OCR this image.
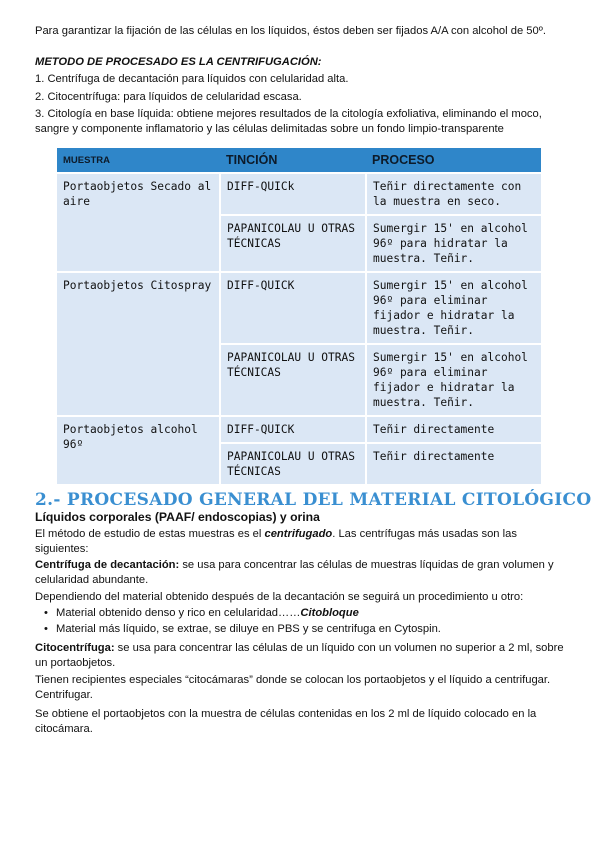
Para garantizar la fijación de las células en los líquidos, éstos deben ser fijados A/A con alcohol de 50º.

METODO DE PROCESADO ES LA CENTRIFUGACIÓN:

1. Centrífuga de decantación para líquidos con celularidad alta.

2. Citocentrífuga: para líquidos de celularidad escasa.

3. Citología en base líquida: obtiene mejores resultados de la citología exfoliativa, eliminando el moco, sangre y componente inflamatorio y las células delimitadas sobre un fondo limpio-transparente

MUESTRA	TINCIÓN	PROCESO
Portaobjetos Secado al aire	DIFF-QUICk	Teñir directamente con la muestra en seco.
	PAPANICOLAU U OTRAS TÉCNICAS	Sumergir 15' en alcohol 96º para hidratar la muestra. Teñir.
Portaobjetos Citospray	DIFF-QUICK	Sumergir 15' en alcohol 96º para eliminar fijador e hidratar la muestra. Teñir.
	PAPANICOLAU U OTRAS TÉCNICAS	Sumergir 15' en alcohol 96º para eliminar fijador e hidratar la muestra. Teñir.
Portaobjetos alcohol 96º	DIFF-QUICK	Teñir directamente
	PAPANICOLAU U OTRAS TÉCNICAS	Teñir directamente
2.- PROCESADO GENERAL DEL MATERIAL CITOLÓGICO
Líquidos corporales (PAAF/ endoscopias) y orina

El método de estudio de estas muestras es el centrifugado. Las centrífugas más usadas son las siguientes:

Centrífuga de decantación: se usa para concentrar las células de muestras líquidas de gran volumen y celularidad abundante.

Dependiendo del material obtenido después de la decantación se seguirá un procedimiento u otro:

• Material obtenido denso y rico en celularidad……Citobloque
• Material más líquido, se extrae, se diluye en PBS y se centrifuga en Cytospin.

Citocentrífuga: se usa para concentrar las células de un líquido con un volumen no superior a 2 ml, sobre un portaobjetos.

Tienen recipientes especiales “citocámaras” donde se colocan los portaobjetos y el líquido a centrifugar. Centrifugar.

Se obtiene el portaobjetos con la muestra de células contenidas en los 2 ml de líquido colocado en la citocámara.
